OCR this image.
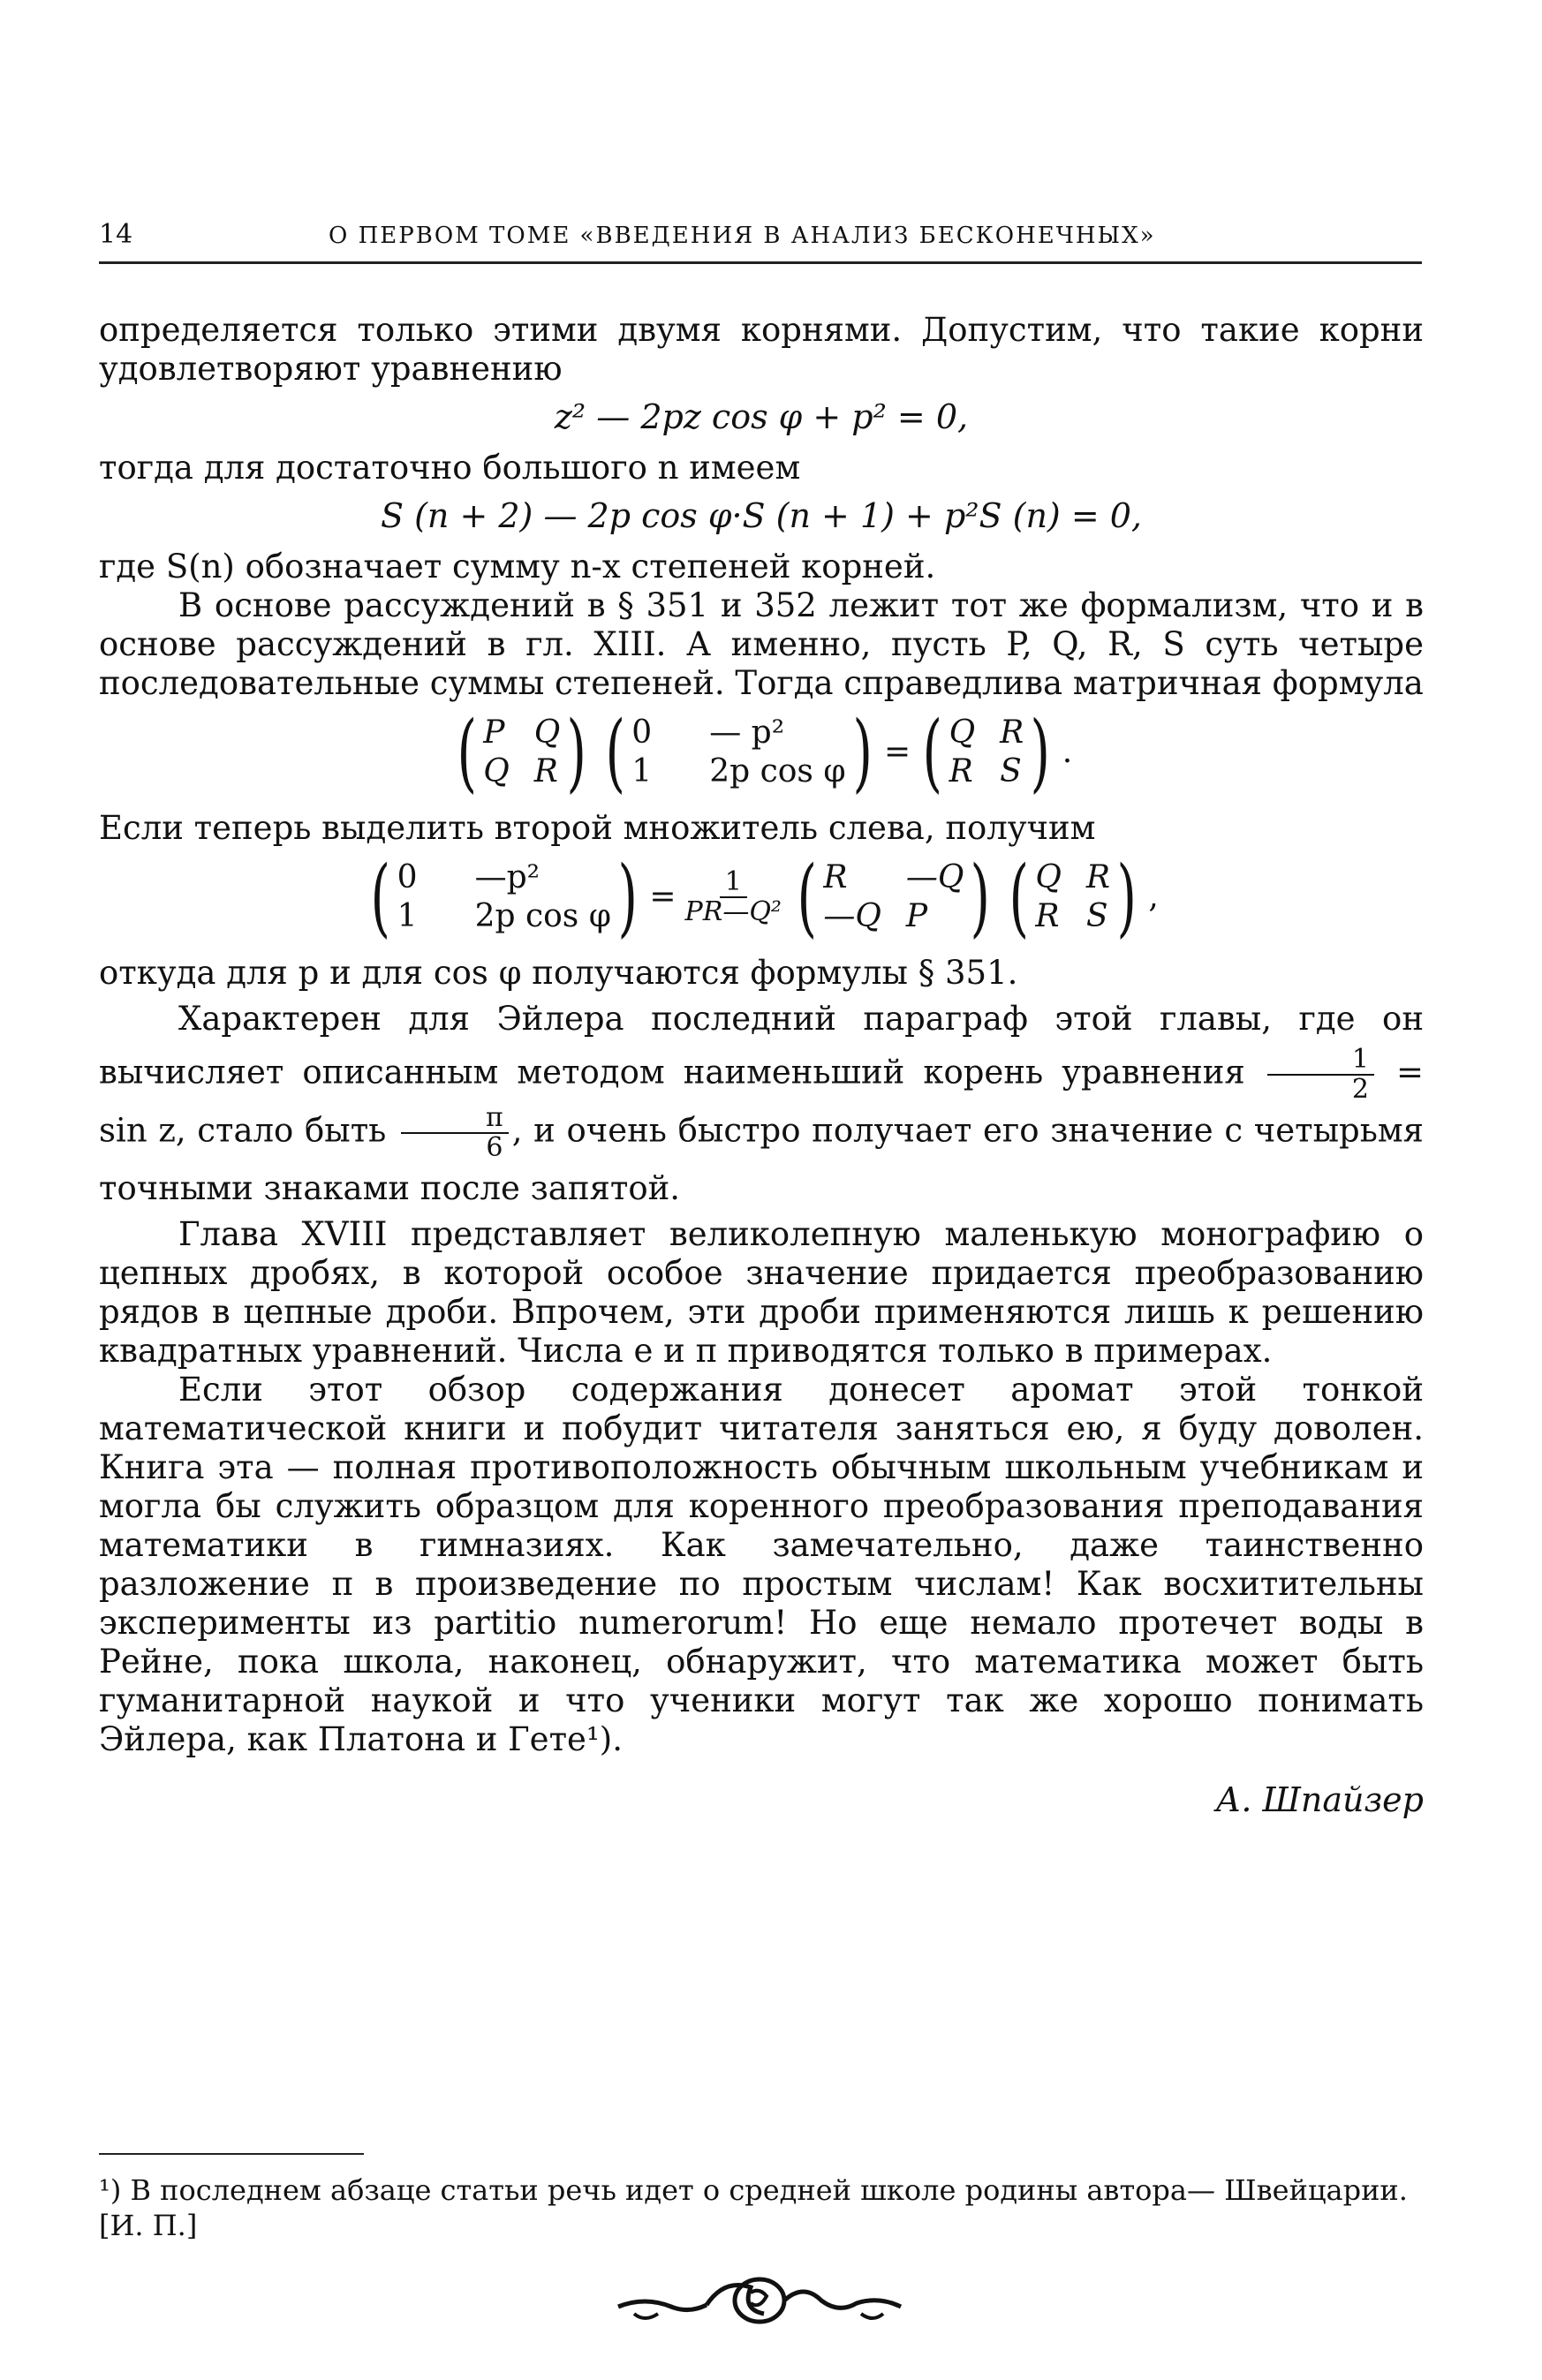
14	О ПЕРВОМ ТОМЕ «ВВЕДЕНИЯ В АНАЛИЗ БЕСКОНЕЧНЫХ»

определяется только этими двумя корнями. Допустим, что такие корни удовлетворяют уравнению

z² — 2pz cos φ + p² = 0,

тогда для достаточно большого n имеем

S (n + 2) — 2p cos φ·S (n + 1) + p²S (n) = 0,

где S(n) обозначает сумму n-х степеней корней.

В основе рассуждений в § 351 и 352 лежит тот же формализм, что и в основе рассуждений в гл. XIII. А именно, пусть P, Q, R, S суть четыре последовательные суммы степеней. Тогда справедлива матричная формула

( P Q
Q R ) ( 0	— p²
1	2p cos φ ) = ( Q R
R S ) .

Если теперь выделить второй множитель слева, получим

( 0	—p²
1	2p cos φ ) = $\frac{1}{\text{PR—Q²}}$ ( R	—Q
—Q P ) ( Q R
R S ) ,

откуда для p и для cos φ получаются формулы § 351.

Характерен для Эйлера последний параграф этой главы, где он вычисляет описанным методом наименьший корень уравнения $\frac{1}{2} = \sin z$, стало быть $\frac{\pi}{6}$ , и очень быстро получает его значение с четырьмя точными знаками после запятой.

Глава XVIII представляет великолепную маленькую монографию о цепных дробях, в которой особое значение придается преобразованию рядов в цепные дроби. Впрочем, эти дроби применяются лишь к решению квадратных уравнений. Числа e и π приводятся только в примерах.

Если этот обзор содержания донесет аромат этой тонкой математической книги и побудит читателя заняться ею, я буду доволен. Книга эта — полная противоположность обычным школьным учебникам и могла бы служить образцом для коренного преобразования преподавания математики в гимназиях. Как замечательно, даже таинственно разложение π в произведение по простым числам! Как восхитительны эксперименты из partitio numerorum! Но еще немало протечет воды в Рейне, пока школа, наконец, обнаружит, что математика может быть гуманитарной наукой и что ученики могут так же хорошо понимать Эйлера, как Платона и Гете¹).

А. Шпайзер
¹) В последнем абзаце статьи речь идет о средней школе родины автора— Швейцарии. [И. П.]
